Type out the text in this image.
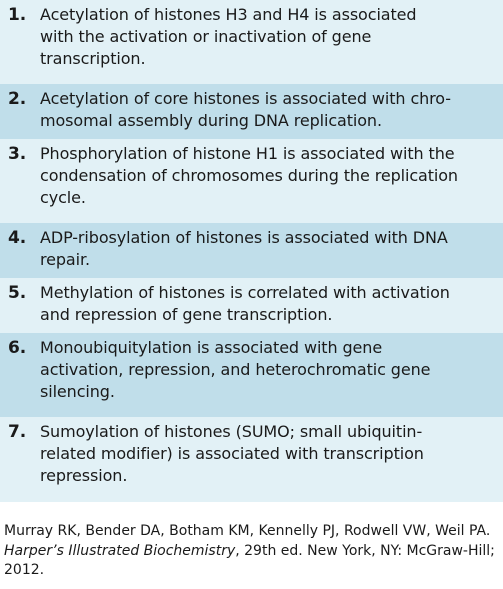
1. Acetylation of histones H3 and H4 is associated
with the activation or inactivation of gene
transcription.
2. Acetylation of core histones is associated with chro-
mosomal assembly during DNA replication.
3. Phosphorylation of histone H1 is associated with the
condensation of chromosomes during the replication
cycle.
4. ADP-ribosylation of histones is associated with DNA
repair.
5. Methylation of histones is correlated with activation
and repression of gene transcription.
6. Monoubiquitylation is associated with gene
activation, repression, and heterochromatic gene
silencing.
7. Sumoylation of histones (SUMO; small ubiquitin-
related modifier) is associated with transcription
repression.
Murray RK, Bender DA, Botham KM, Kennelly PJ, Rodwell VW, Weil PA. Harper’s Illustrated Biochemistry, 29th ed. New York, NY: McGraw-Hill; 2012.
